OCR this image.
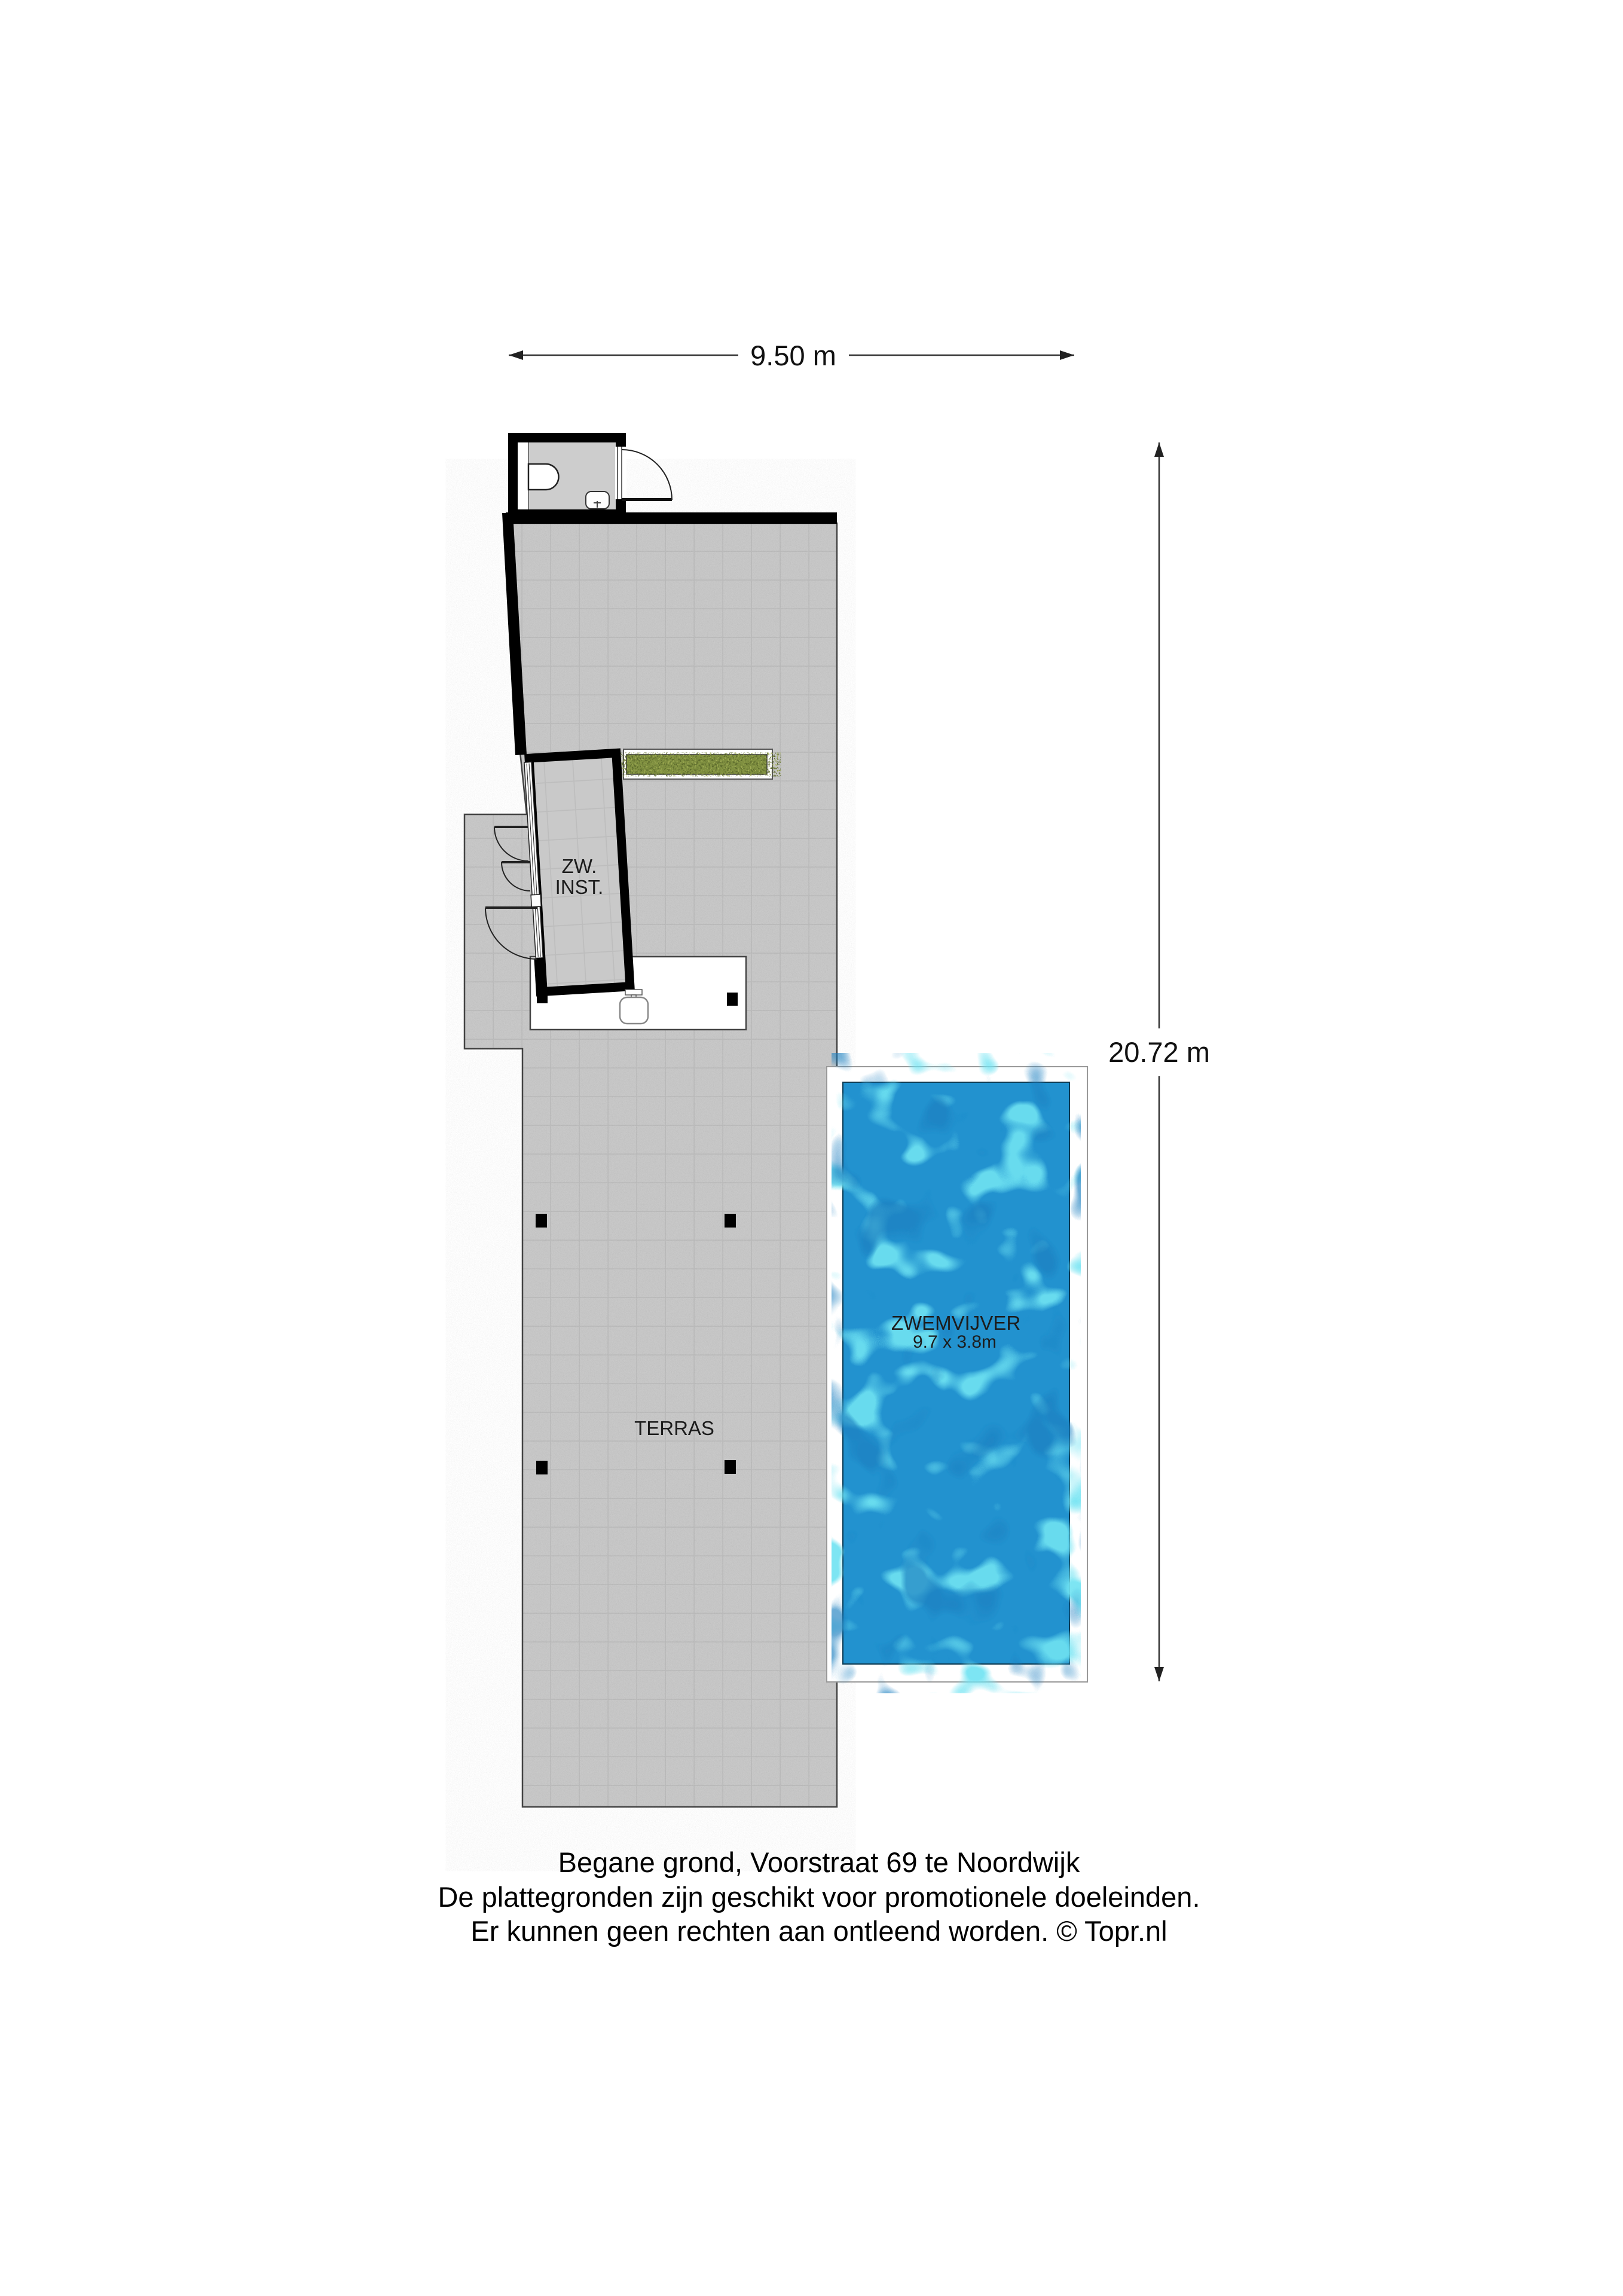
ZW.
INST.
ZWEMVIJVER
9.7 x 3.8m
TERRAS
9.50 m
20.72 m
Begane grond, Voorstraat 69 te Noordwijk
De plattegronden zijn geschikt voor promotionele doeleinden.
Er kunnen geen rechten aan ontleend worden. © Topr.nl
